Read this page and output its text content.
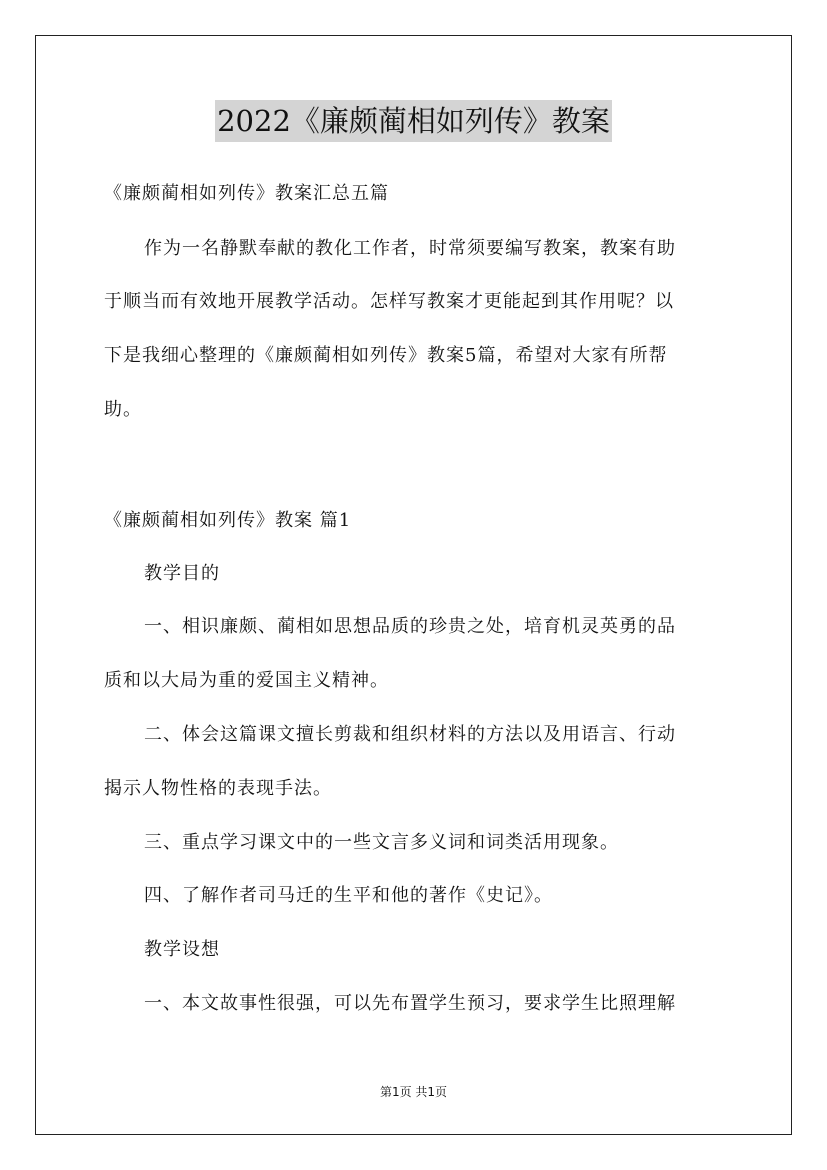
2022《廉颇蔺相如列传》教案
《廉颇蔺相如列传》教案汇总五篇
作为一名静默奉献的教化工作者，时常须要编写教案，教案有助
于顺当而有效地开展教学活动。怎样写教案才更能起到其作用呢？以
下是我细心整理的《廉颇蔺相如列传》教案5篇，希望对大家有所帮
助。
《廉颇蔺相如列传》教案 篇1
教学目的
一、相识廉颇、蔺相如思想品质的珍贵之处，培育机灵英勇的品
质和以大局为重的爱国主义精神。
二、体会这篇课文擅长剪裁和组织材料的方法以及用语言、行动
揭示人物性格的表现手法。
三、重点学习课文中的一些文言多义词和词类活用现象。
四、了解作者司马迁的生平和他的著作《史记》。
教学设想
一、本文故事性很强，可以先布置学生预习，要求学生比照理解
第1页 共1页
